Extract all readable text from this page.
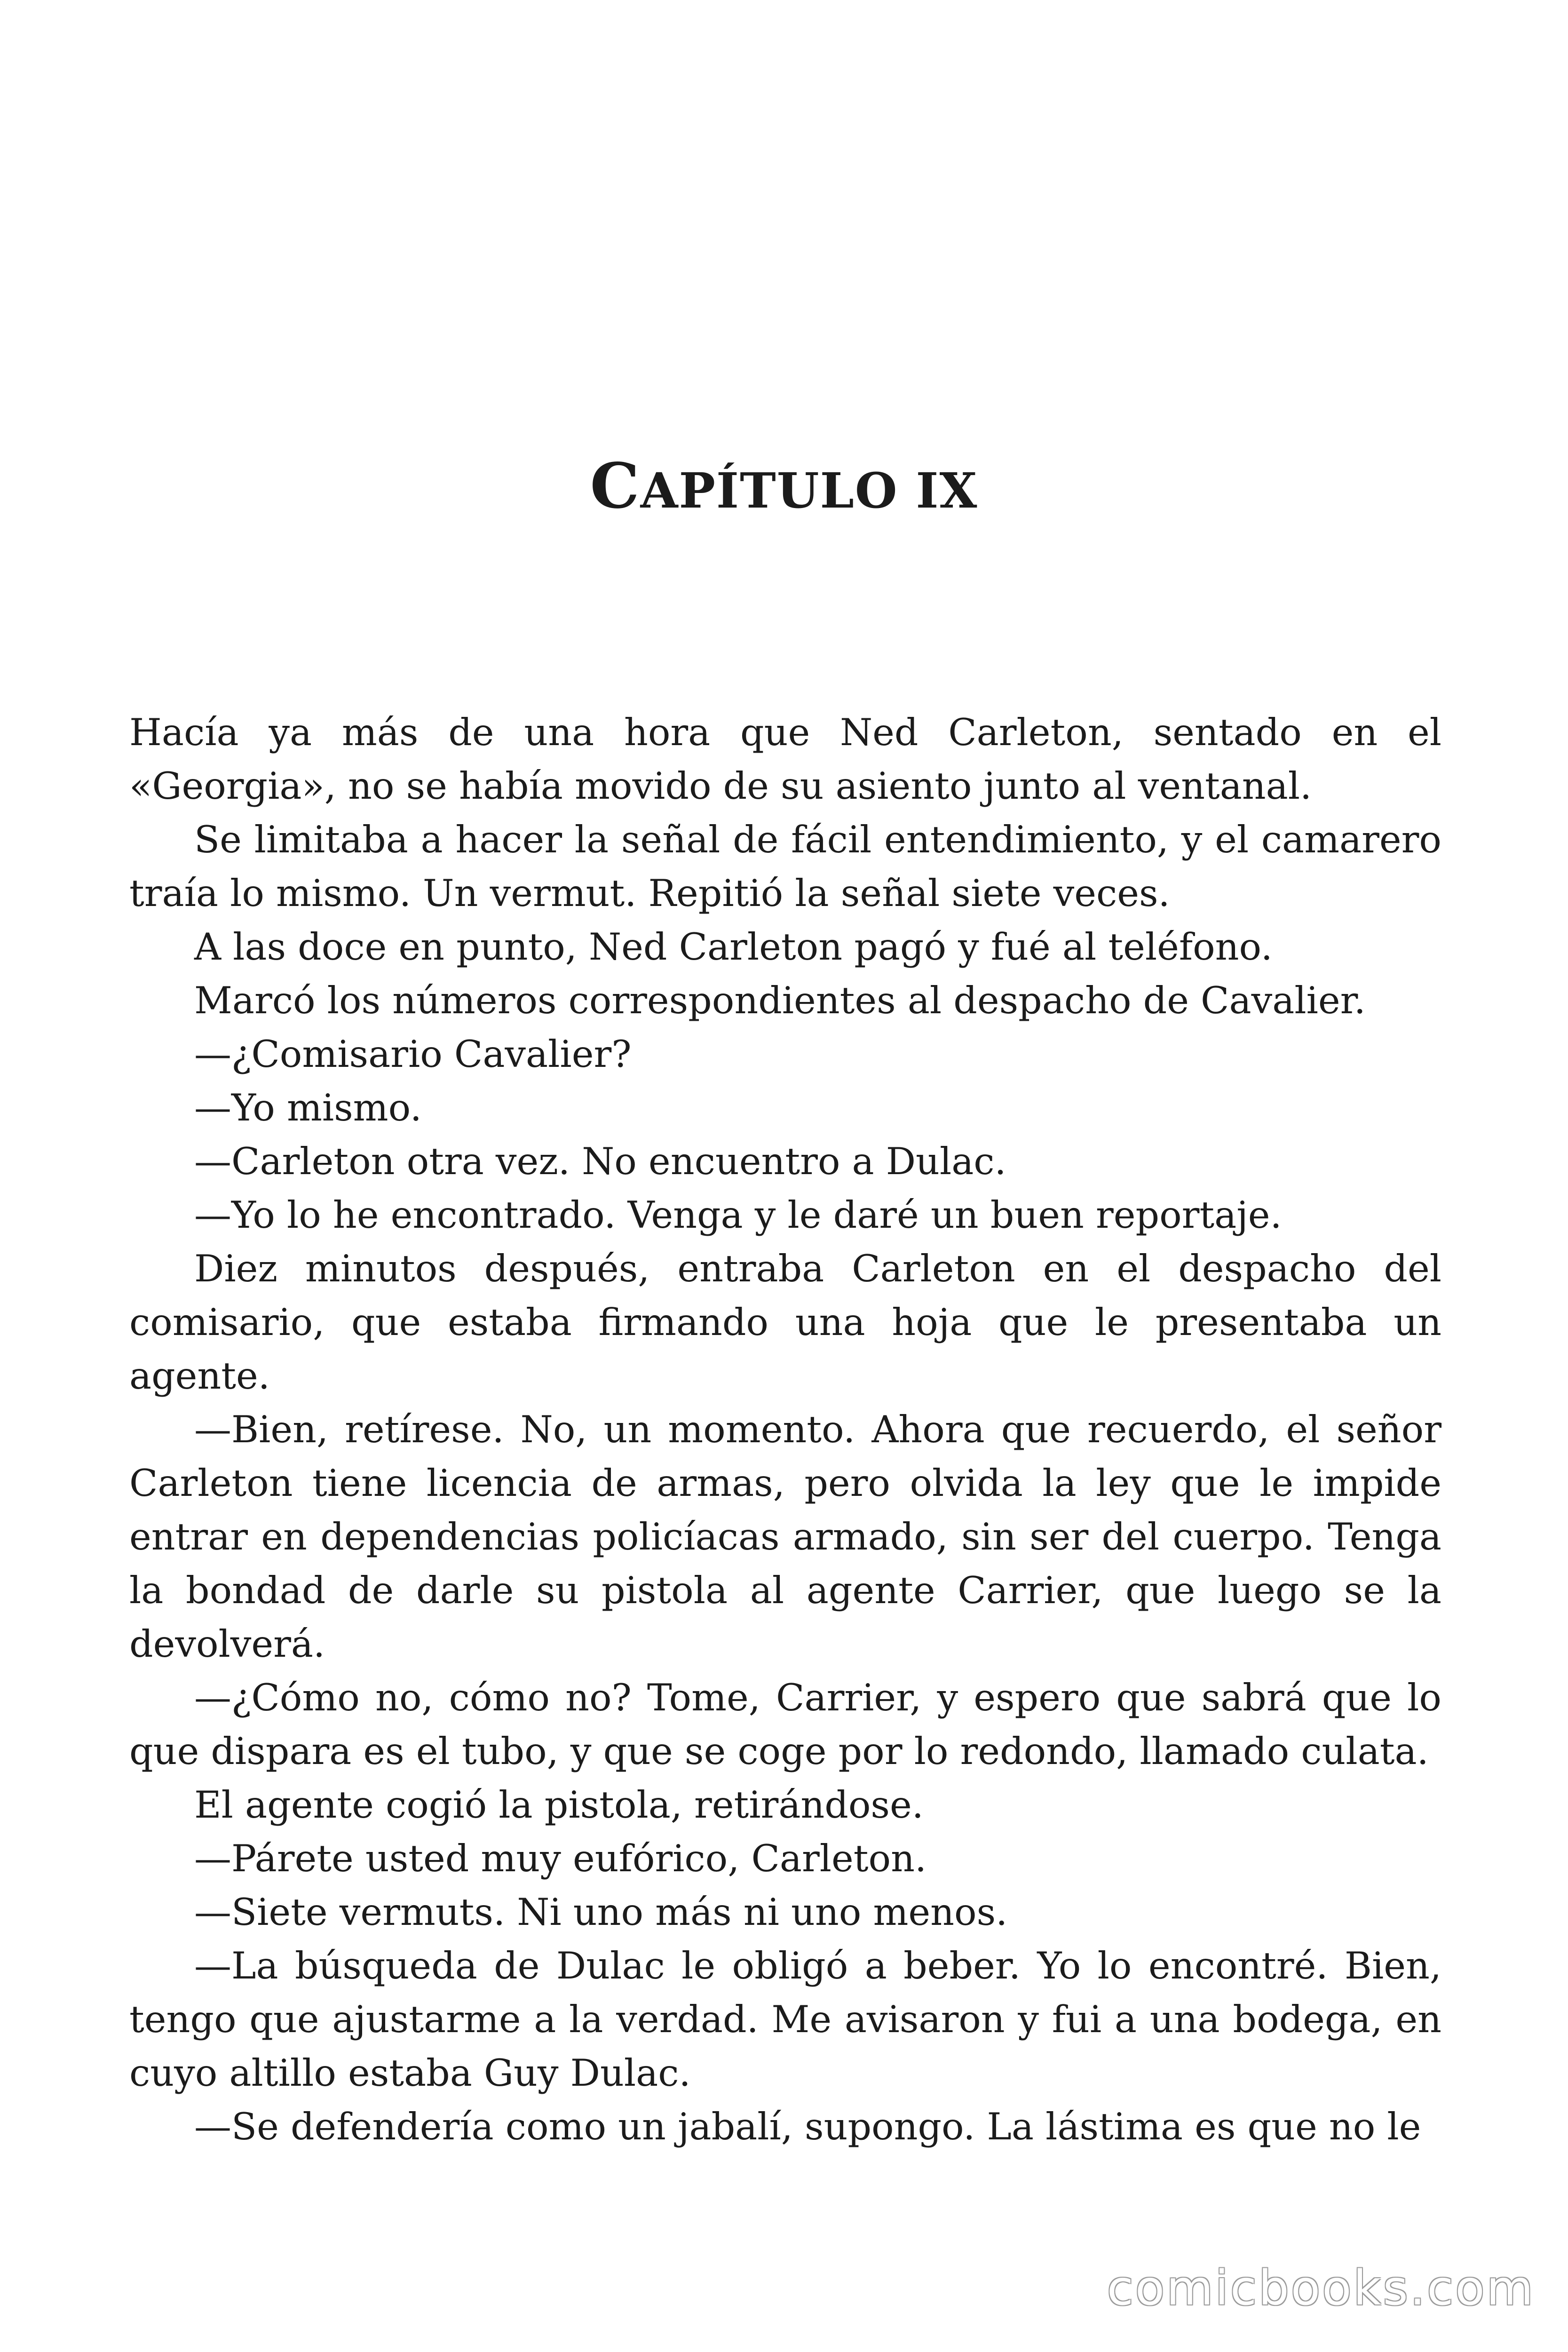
CAPÍTULO IX

Hacía ya más de una hora que Ned Carleton, sentado en el «Georgia», no se había movido de su asiento junto al ventanal.

Se limitaba a hacer la señal de fácil entendimiento, y el camarero traía lo mismo. Un vermut. Repitió la señal siete veces.

A las doce en punto, Ned Carleton pagó y fué al teléfono.

Marcó los números correspondientes al despacho de Cavalier.

—¿Comisario Cavalier?

—Yo mismo.

—Carleton otra vez. No encuentro a Dulac.

—Yo lo he encontrado. Venga y le daré un buen reportaje.

Diez minutos después, entraba Carleton en el despacho del comisario, que estaba firmando una hoja que le presentaba un agente.

—Bien, retírese. No, un momento. Ahora que recuerdo, el señor Carleton tiene licencia de armas, pero olvida la ley que le impide entrar en dependencias policíacas armado, sin ser del cuerpo. Tenga la bondad de darle su pistola al agente Carrier, que luego se la devolverá.

—¿Cómo no, cómo no? Tome, Carrier, y espero que sabrá que lo que dispara es el tubo, y que se coge por lo redondo, llamado culata.

El agente cogió la pistola, retirándose.

—Párete usted muy eufórico, Carleton.

—Siete vermuts. Ni uno más ni uno menos.

—La búsqueda de Dulac le obligó a beber. Yo lo encontré. Bien, tengo que ajustarme a la verdad. Me avisaron y fui a una bodega, en cuyo altillo estaba Guy Dulac.

—Se defendería como un jabalí, supongo. La lástima es que no le

comicbooks.com
